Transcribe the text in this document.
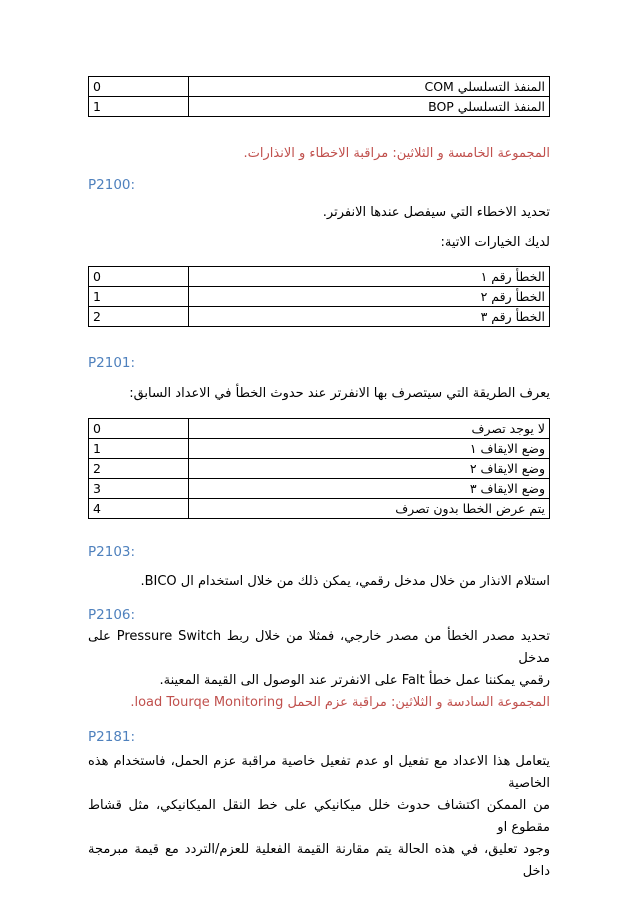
0	المنفذ التسلسلي COM
1	المنفذ التسلسلي BOP
المجموعة الخامسة و الثلاثين: مراقبة الاخطاء و الانذارات.
P2100:
تحديد الاخطاء التي سيفصل عندها الانفرتر.
لديك الخيارات الاتية:
0	الخطأ رقم ١
1	الخطأ رقم ٢
2	الخطأ رقم ٣
P2101:
يعرف الطريقة التي سيتصرف بها الانفرتر عند حدوث الخطأ في الاعداد السابق:
0	لا يوجد تصرف
1	وضع الايقاف ١
2	وضع الايقاف ٢
3	وضع الايقاف ٣
4	يتم عرض الخطا بدون تصرف
P2103:
استلام الانذار من خلال مدخل رقمي، يمكن ذلك من خلال استخدام ال BICO.
P2106:
تحديد مصدر الخطأ من مصدر خارجي، فمثلا من خلال ربط Pressure Switch على مدخل
رقمي يمكننا عمل خطأ Falt على الانفرتر عند الوصول الى القيمة المعينة.
المجموعة السادسة و الثلاثين: مراقبة عزم الحمل load Tourqe Monitoring.
P2181:
يتعامل هذا الاعداد مع تفعيل او عدم تفعيل خاصية مراقبة عزم الحمل، فاستخدام هذه الخاصية
من الممكن اكتشاف حدوث خلل ميكانيكي على خط النقل الميكانيكي، مثل قشاط مقطوع او
وجود تعليق، في هذه الحالة يتم مقارنة القيمة الفعلية للعزم/التردد مع قيمة مبرمجة داخل
